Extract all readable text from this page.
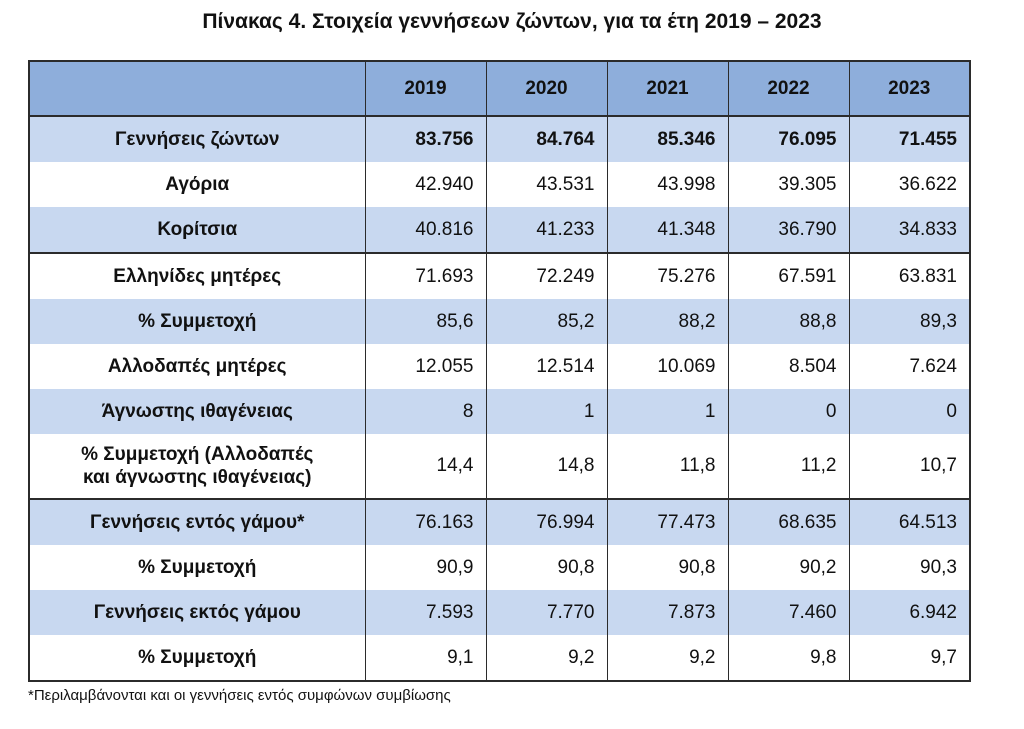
Πίνακας 4. Στοιχεία γεννήσεων ζώντων, για τα έτη 2019 – 2023
	2019	2020	2021	2022	2023
Γεννήσεις ζώντων	83.756	84.764	85.346	76.095	71.455
Αγόρια	42.940	43.531	43.998	39.305	36.622
Κορίτσια	40.816	41.233	41.348	36.790	34.833
Ελληνίδες μητέρες	71.693	72.249	75.276	67.591	63.831
% Συμμετοχή	85,6	85,2	88,2	88,8	89,3
Αλλοδαπές μητέρες	12.055	12.514	10.069	8.504	7.624
Άγνωστης ιθαγένειας	8	1	1	0	0
% Συμμετοχή (Αλλοδαπές
και άγνωστης ιθαγένειας)	14,4	14,8	11,8	11,2	10,7
Γεννήσεις εντός γάμου*	76.163	76.994	77.473	68.635	64.513
% Συμμετοχή	90,9	90,8	90,8	90,2	90,3
Γεννήσεις εκτός γάμου	7.593	7.770	7.873	7.460	6.942
% Συμμετοχή	9,1	9,2	9,2	9,8	9,7
*Περιλαμβάνονται και οι γεννήσεις εντός συμφώνων συμβίωσης
